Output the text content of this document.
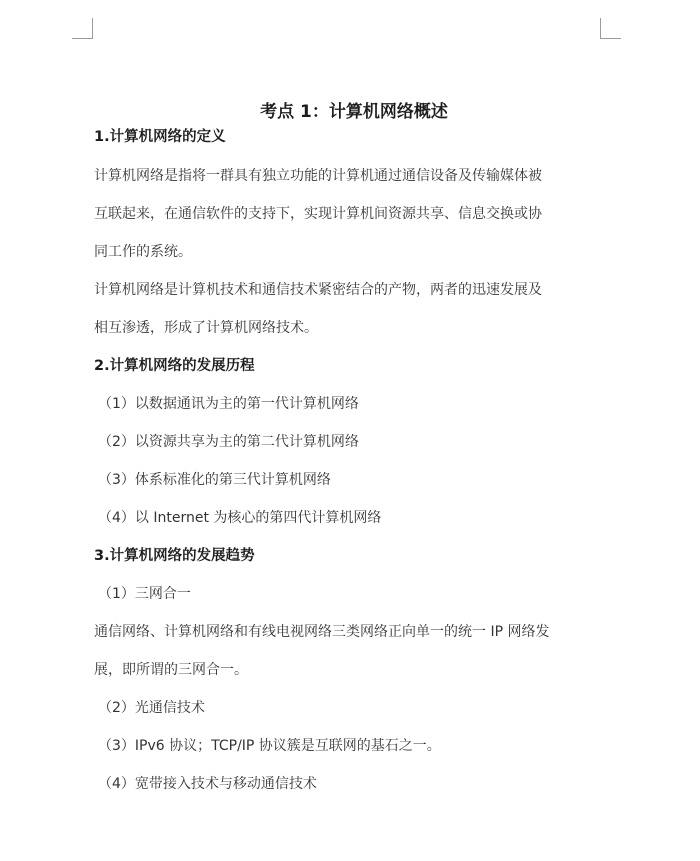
考点 1：计算机网络概述
1.计算机网络的定义
计算机网络是指将一群具有独立功能的计算机通过通信设备及传输媒体被
互联起来，在通信软件的支持下，实现计算机间资源共享、信息交换或协
同工作的系统。
计算机网络是计算机技术和通信技术紧密结合的产物，两者的迅速发展及
相互渗透，形成了计算机网络技术。
2.计算机网络的发展历程
（1）以数据通讯为主的第一代计算机网络
（2）以资源共享为主的第二代计算机网络
（3）体系标准化的第三代计算机网络
（4）以 Internet 为核心的第四代计算机网络
3.计算机网络的发展趋势
（1）三网合一
通信网络、计算机网络和有线电视网络三类网络正向单一的统一 IP 网络发
展，即所谓的三网合一。
（2）光通信技术
（3）IPv6 协议；TCP/IP 协议簇是互联网的基石之一。
（4）宽带接入技术与移动通信技术
